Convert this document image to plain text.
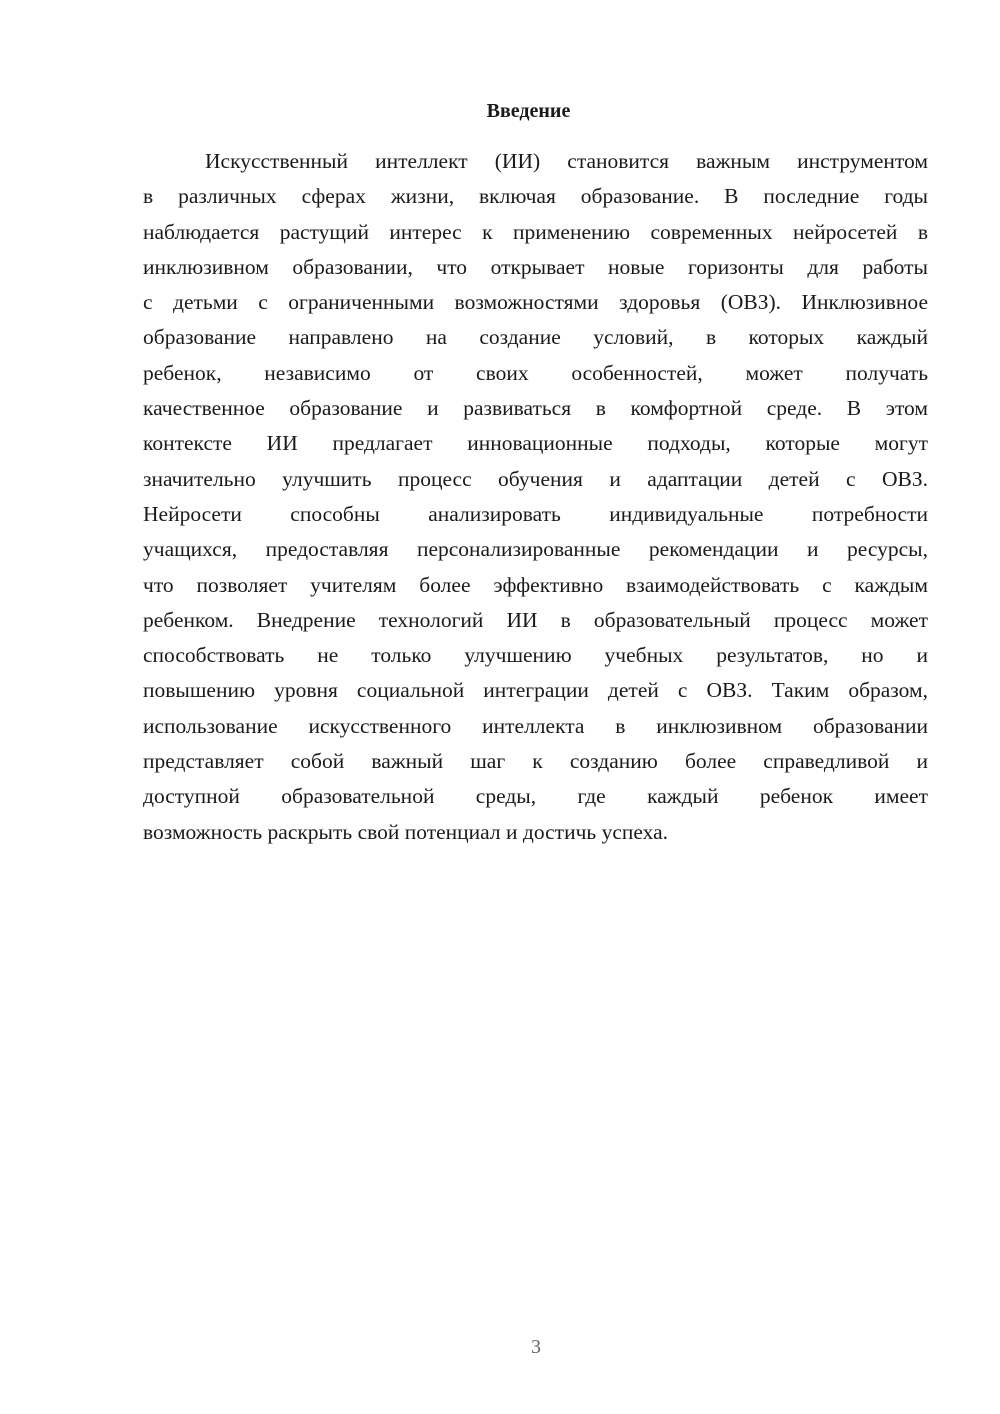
Введение
Искусственный интеллект (ИИ) становится важным инструментом
в различных сферах жизни, включая образование. В последние годы
наблюдается растущий интерес к применению современных нейросетей в
инклюзивном образовании, что открывает новые горизонты для работы
с детьми с ограниченными возможностями здоровья (ОВЗ). Инклюзивное
образование направлено на создание условий, в которых каждый
ребенок, независимо от своих особенностей, может получать
качественное образование и развиваться в комфортной среде. В этом
контексте ИИ предлагает инновационные подходы, которые могут
значительно улучшить процесс обучения и адаптации детей с ОВЗ.
Нейросети способны анализировать индивидуальные потребности
учащихся, предоставляя персонализированные рекомендации и ресурсы,
что позволяет учителям более эффективно взаимодействовать с каждым
ребенком. Внедрение технологий ИИ в образовательный процесс может
способствовать не только улучшению учебных результатов, но и
повышению уровня социальной интеграции детей с ОВЗ. Таким образом,
использование искусственного интеллекта в инклюзивном образовании
представляет собой важный шаг к созданию более справедливой и
доступной образовательной среды, где каждый ребенок имеет
возможность раскрыть свой потенциал и достичь успеха.
3
